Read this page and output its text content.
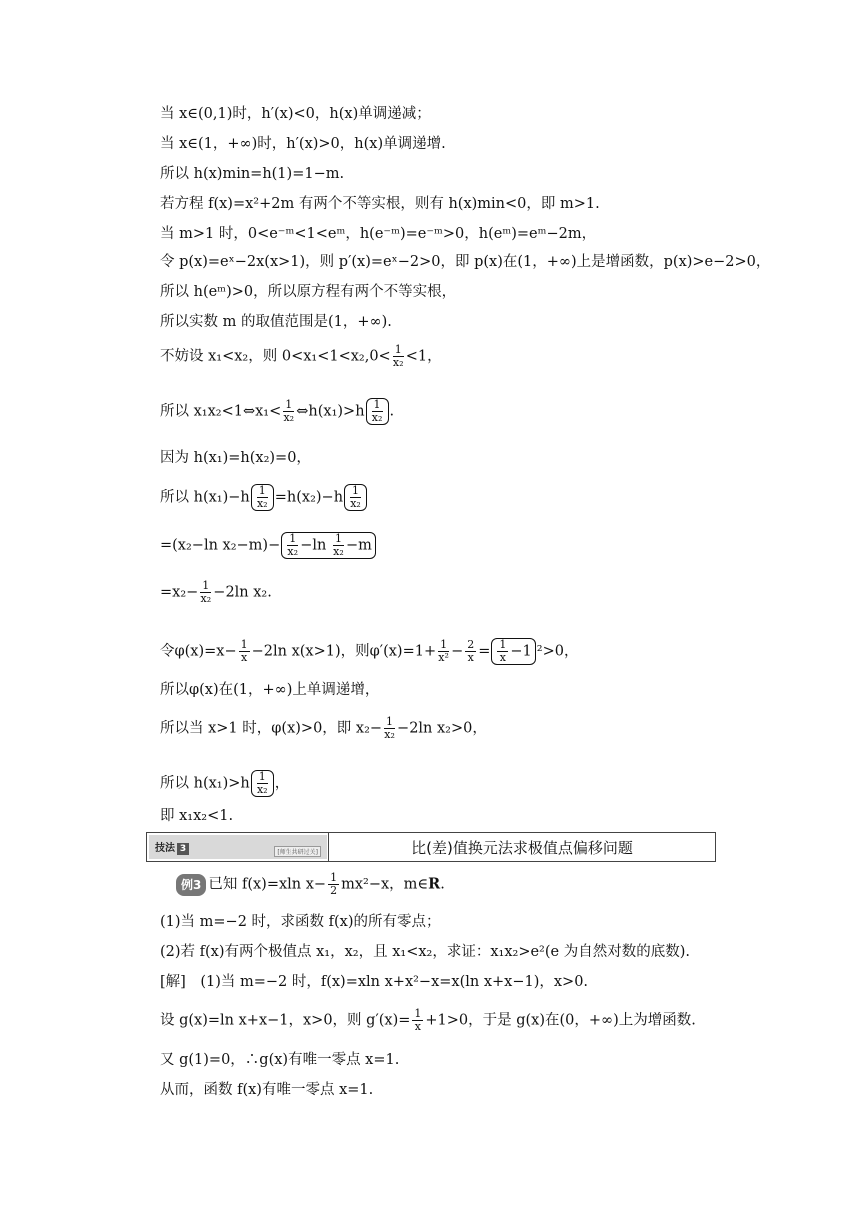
当 x∈(0,1)时，h′(x)<0，h(x)单调递减；
当 x∈(1，+∞)时，h′(x)>0，h(x)单调递增.
所以 h(x)min=h(1)=1−m.
若方程 f(x)=x²+2m 有两个不等实根，则有 h(x)min<0，即 m>1.
当 m>1 时，0<e⁻ᵐ<1<eᵐ，h(e⁻ᵐ)=e⁻ᵐ>0，h(eᵐ)=eᵐ−2m，
令 p(x)=eˣ−2x(x>1)，则 p′(x)=eˣ−2>0，即 p(x)在(1，+∞)上是增函数，p(x)>e−2>0，
所以 h(eᵐ)>0，所以原方程有两个不等实根，
所以实数 m 的取值范围是(1，+∞).
不妨设 x₁<x₂，则 $0<x_1<1<x_2,0< \frac{1}{\text{x₂}} <1$，
所以 x₁x₂<1⇔x₁< $\frac{1}{\text{x₂}}$ ⇔h(x₁)>h $\frac{1}{\text{x₂}}$ .
因为 h(x₁)=h(x₂)=0，
所以 $h(x_1)-h \frac{1}{\text{x₂}} =h(x_2)-h \frac{1}{\text{x₂}}$
=(x₂−ln $x_2-m)- \frac{1}{\text{x₂}} -\ln \frac{1}{\text{x₂}} -m$
$=x_2- \frac{1}{\text{x₂}} -2\ln$ x₂.
令$\varphi(x)=x- \frac{1}{x} -2\ln$ x(x>1)，则$\varphi'(x)=1+ \frac{1}{\text{x²}} - \frac{2}{x} = \frac{1}{x} -1$ ²>0，
所以φ(x)在(1，+∞)上单调递增，
所以当 x>1 时，φ(x)>0，即 $x_2- \frac{1}{\text{x₂}} -2\ln$ x₂>0，
所以 $h(x_1)>h \frac{1}{\text{x₂}}$ ，
即 x₁x₂<1.
技法 3	[师生共研过关]	比(差)值换元法求极值点偏移问题
例3 已知 f(x)=xln $x- \frac{1}{2} mx^2-x$，m∈R.
(1)当 m=−2 时，求函数 f(x)的所有零点；
(2)若 f(x)有两个极值点 x₁，x₂，且 x₁<x₂，求证：x₁x₂>e²(e 为自然对数的底数).
[解]　(1)当 m=−2 时，f(x)=xln x+x²−x=x(ln x+x−1)，x>0.
设 g(x)=ln x+x−1，x>0，则 $g'(x)= \frac{1}{x} +1>0$，于是 g(x)在(0，+∞)上为增函数.
又 g(1)=0，∴g(x)有唯一零点 x=1.
从而，函数 f(x)有唯一零点 x=1.
